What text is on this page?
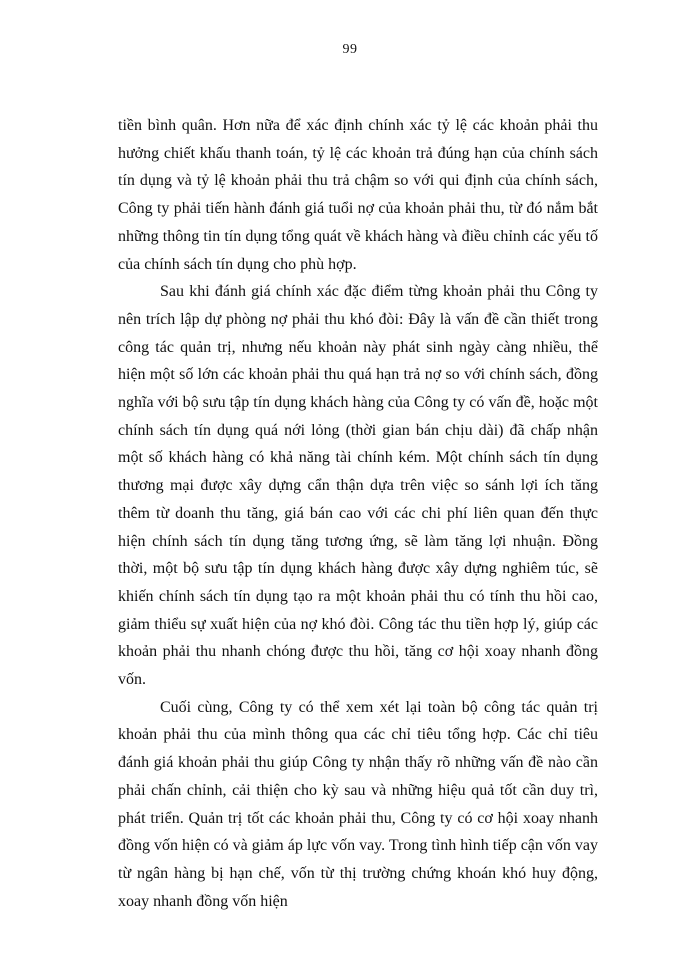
99

tiền bình quân. Hơn nữa để xác định chính xác tỷ lệ các khoản phải thu hưởng chiết khấu thanh toán, tỷ lệ các khoản trả đúng hạn của chính sách tín dụng và tỷ lệ khoản phải thu trả chậm so với qui định của chính sách, Công ty phải tiến hành đánh giá tuổi nợ của khoản phải thu, từ đó nắm bắt những thông tin tín dụng tổng quát về khách hàng và điều chỉnh các yếu tố của chính sách tín dụng cho phù hợp.

Sau khi đánh giá chính xác đặc điểm từng khoản phải thu Công ty nên trích lập dự phòng nợ phải thu khó đòi: Đây là vấn đề cần thiết trong công tác quản trị, nhưng nếu khoản này phát sinh ngày càng nhiều, thể hiện một số lớn các khoản phải thu quá hạn trả nợ so với chính sách, đồng nghĩa với bộ sưu tập tín dụng khách hàng của Công ty có vấn đề, hoặc một chính sách tín dụng quá nới lỏng (thời gian bán chịu dài) đã chấp nhận một số khách hàng có khả năng tài chính kém. Một chính sách tín dụng thương mại được xây dựng cẩn thận dựa trên việc so sánh lợi ích tăng thêm từ doanh thu tăng, giá bán cao với các chi phí liên quan đến thực hiện chính sách tín dụng tăng tương ứng, sẽ làm tăng lợi nhuận. Đồng thời, một bộ sưu tập tín dụng khách hàng được xây dựng nghiêm túc, sẽ khiến chính sách tín dụng tạo ra một khoản phải thu có tính thu hồi cao, giảm thiểu sự xuất hiện của nợ khó đòi. Công tác thu tiền hợp lý, giúp các khoản phải thu nhanh chóng được thu hồi, tăng cơ hội xoay nhanh đồng vốn.

Cuối cùng, Công ty có thể xem xét lại toàn bộ công tác quản trị khoản phải thu của mình thông qua các chỉ tiêu tổng hợp. Các chỉ tiêu đánh giá khoản phải thu giúp Công ty nhận thấy rõ những vấn đề nào cần phải chấn chỉnh, cải thiện cho kỳ sau và những hiệu quả tốt cần duy trì, phát triển. Quản trị tốt các khoản phải thu, Công ty có cơ hội xoay nhanh đồng vốn hiện có và giảm áp lực vốn vay. Trong tình hình tiếp cận vốn vay từ ngân hàng bị hạn chế, vốn từ thị trường chứng khoán khó huy động, xoay nhanh đồng vốn hiện
